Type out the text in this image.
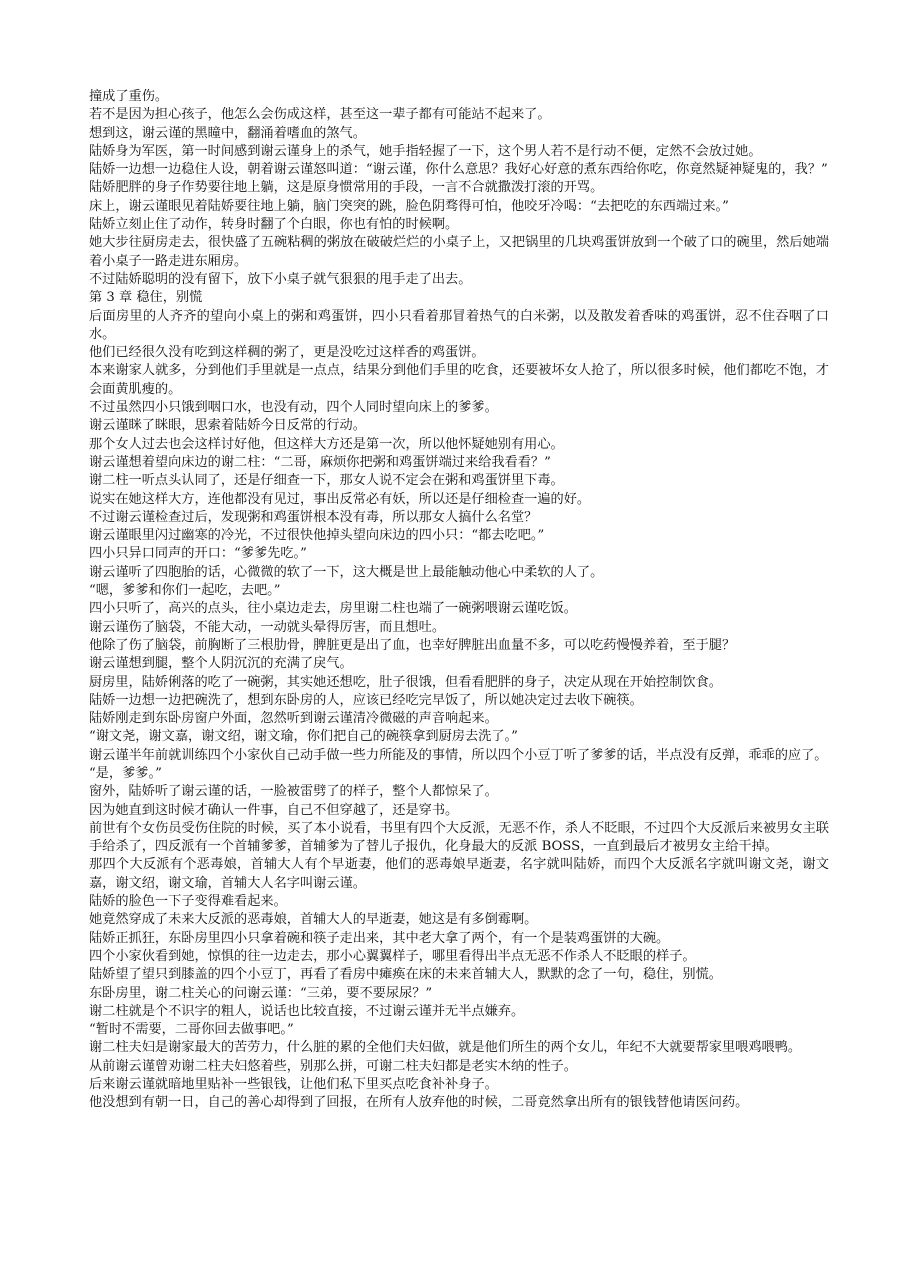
撞成了重伤。

若不是因为担心孩子，他怎么会伤成这样，甚至这一辈子都有可能站不起来了。

想到这，谢云谨的黑瞳中，翻涌着嗜血的煞气。

陆娇身为军医，第一时间感到谢云谨身上的杀气，她手指轻握了一下，这个男人若不是行动不便，定然不会放过她。

陆娇一边想一边稳住人设，朝着谢云谨怒叫道：“谢云谨，你什么意思？我好心好意的煮东西给你吃，你竟然疑神疑鬼的，我？”

陆娇肥胖的身子作势要往地上躺，这是原身惯常用的手段，一言不合就撒泼打滚的开骂。

床上，谢云谨眼见着陆娇要往地上躺，脑门突突的跳，脸色阴骛得可怕，他咬牙冷喝：“去把吃的东西端过来。”

陆娇立刻止住了动作，转身时翻了个白眼，你也有怕的时候啊。

她大步往厨房走去，很快盛了五碗粘稠的粥放在破破烂烂的小桌子上，又把锅里的几块鸡蛋饼放到一个破了口的碗里，然后她端着小桌子一路走进东厢房。

不过陆娇聪明的没有留下，放下小桌子就气狠狠的甩手走了出去。

第 3 章 稳住，别慌

后面房里的人齐齐的望向小桌上的粥和鸡蛋饼，四小只看着那冒着热气的白米粥，以及散发着香味的鸡蛋饼，忍不住吞咽了口水。

他们已经很久没有吃到这样稠的粥了，更是没吃过这样香的鸡蛋饼。

本来谢家人就多，分到他们手里就是一点点，结果分到他们手里的吃食，还要被坏女人抢了，所以很多时候，他们都吃不饱，才会面黄肌瘦的。

不过虽然四小只饿到咽口水，也没有动，四个人同时望向床上的爹爹。

谢云谨眯了眯眼，思索着陆娇今日反常的行动。

那个女人过去也会这样讨好他，但这样大方还是第一次，所以他怀疑她别有用心。

谢云谨想着望向床边的谢二柱：“二哥，麻烦你把粥和鸡蛋饼端过来给我看看？”

谢二柱一听点头认同了，还是仔细查一下，那女人说不定会在粥和鸡蛋饼里下毒。

说实在她这样大方，连他都没有见过，事出反常必有妖，所以还是仔细检查一遍的好。

不过谢云谨检查过后，发现粥和鸡蛋饼根本没有毒，所以那女人搞什么名堂？

谢云谨眼里闪过幽寒的冷光，不过很快他掉头望向床边的四小只：“都去吃吧。”

四小只异口同声的开口：“爹爹先吃。”

谢云谨听了四胞胎的话，心微微的软了一下，这大概是世上最能触动他心中柔软的人了。

“嗯，爹爹和你们一起吃，去吧。”

四小只听了，高兴的点头，往小桌边走去，房里谢二柱也端了一碗粥喂谢云谨吃饭。

谢云谨伤了脑袋，不能大动，一动就头晕得厉害，而且想吐。

他除了伤了脑袋，前胸断了三根肋骨，脾脏更是出了血，也幸好脾脏出血量不多，可以吃药慢慢养着，至于腿？

谢云谨想到腿，整个人阴沉沉的充满了戾气。

厨房里，陆娇俐落的吃了一碗粥，其实她还想吃，肚子很饿，但看看肥胖的身子，决定从现在开始控制饮食。

陆娇一边想一边把碗洗了，想到东卧房的人，应该已经吃完早饭了，所以她决定过去收下碗筷。

陆娇刚走到东卧房窗户外面，忽然听到谢云谨清冷微磁的声音响起来。

“谢文尧，谢文嘉，谢文绍，谢文瑜，你们把自己的碗筷拿到厨房去洗了。”

谢云谨半年前就训练四个小家伙自己动手做一些力所能及的事情，所以四个小豆丁听了爹爹的话，半点没有反弹，乖乖的应了。

“是，爹爹。”

窗外，陆娇听了谢云谨的话，一脸被雷劈了的样子，整个人都惊呆了。

因为她直到这时候才确认一件事，自己不但穿越了，还是穿书。

前世有个女伤员受伤住院的时候，买了本小说看，书里有四个大反派，无恶不作，杀人不眨眼，不过四个大反派后来被男女主联手给杀了，四反派有一个首辅爹爹，首辅爹为了替儿子报仇，化身最大的反派 BOSS，一直到最后才被男女主给干掉。

那四个大反派有个恶毒娘，首辅大人有个早逝妻，他们的恶毒娘早逝妻，名字就叫陆娇，而四个大反派名字就叫谢文尧，谢文嘉，谢文绍，谢文瑜，首辅大人名字叫谢云谨。

陆娇的脸色一下子变得难看起来。

她竟然穿成了未来大反派的恶毒娘，首辅大人的早逝妻，她这是有多倒霉啊。

陆娇正抓狂，东卧房里四小只拿着碗和筷子走出来，其中老大拿了两个，有一个是装鸡蛋饼的大碗。

四个小家伙看到她，惊惧的往一边走去，那小心翼翼样子，哪里看得出半点无恶不作杀人不眨眼的样子。

陆娇望了望只到膝盖的四个小豆丁，再看了看房中瘫痪在床的未来首辅大人，默默的念了一句，稳住，别慌。

东卧房里，谢二柱关心的问谢云谨：“三弟，要不要尿尿？”

谢二柱就是个不识字的粗人，说话也比较直接，不过谢云谨并无半点嫌弃。

“暂时不需要，二哥你回去做事吧。”

谢二柱夫妇是谢家最大的苦劳力，什么脏的累的全他们夫妇做，就是他们所生的两个女儿，年纪不大就要帮家里喂鸡喂鸭。

从前谢云谨曾劝谢二柱夫妇悠着些，别那么拼，可谢二柱夫妇都是老实木纳的性子。

后来谢云谨就暗地里贴补一些银钱，让他们私下里买点吃食补补身子。

他没想到有朝一日，自己的善心却得到了回报，在所有人放弃他的时候，二哥竟然拿出所有的银钱替他请医问药。
